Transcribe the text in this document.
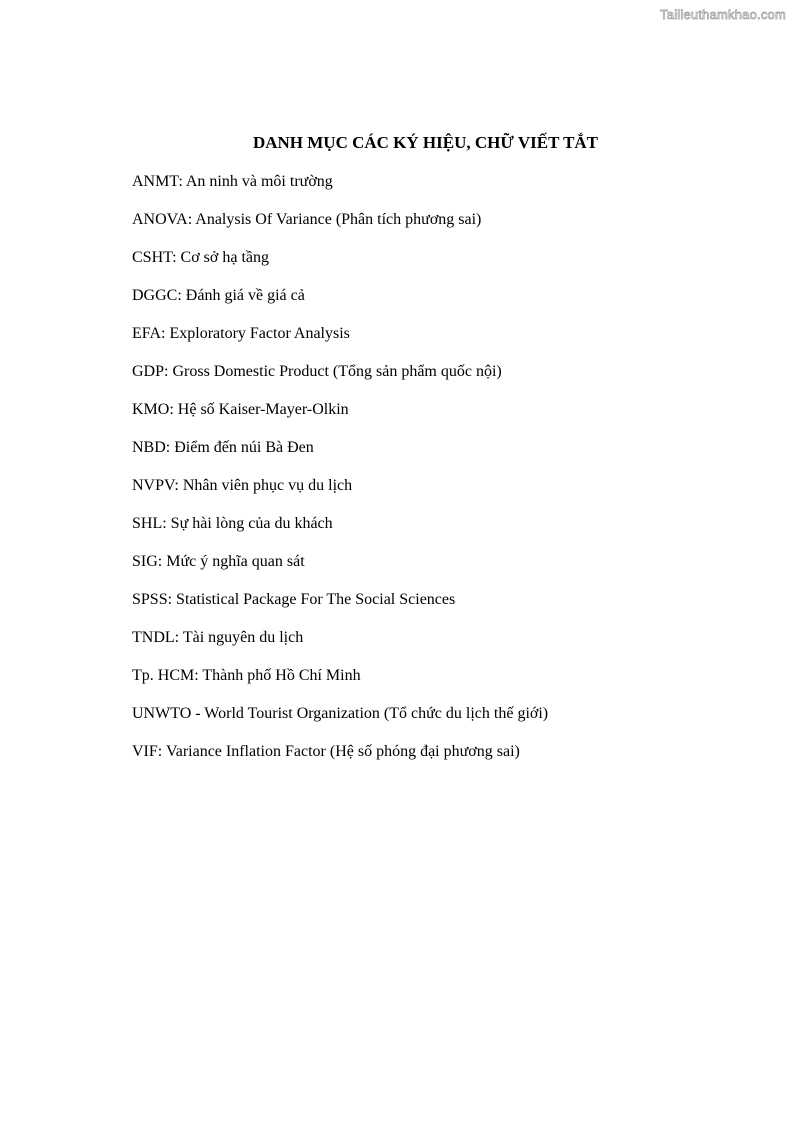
Tailieuthamkhao.com
DANH MỤC CÁC KÝ HIỆU, CHỮ VIẾT TẮT
ANMT: An ninh và môi trường
ANOVA: Analysis Of Variance (Phân tích phương sai)
CSHT: Cơ sở hạ tầng
DGGC: Đánh giá về giá cả
EFA: Exploratory Factor Analysis
GDP: Gross Domestic Product (Tổng sản phẩm quốc nội)
KMO: Hệ số Kaiser-Mayer-Olkin
NBD: Điểm đến núi Bà Đen
NVPV: Nhân viên phục vụ du lịch
SHL: Sự hài lòng của du khách
SIG: Mức ý nghĩa quan sát
SPSS: Statistical Package For The Social Sciences
TNDL: Tài nguyên du lịch
Tp. HCM: Thành phố Hồ Chí Minh
UNWTO - World Tourist Organization (Tổ chức du lịch thế giới)
VIF: Variance Inflation Factor (Hệ số phóng đại phương sai)
